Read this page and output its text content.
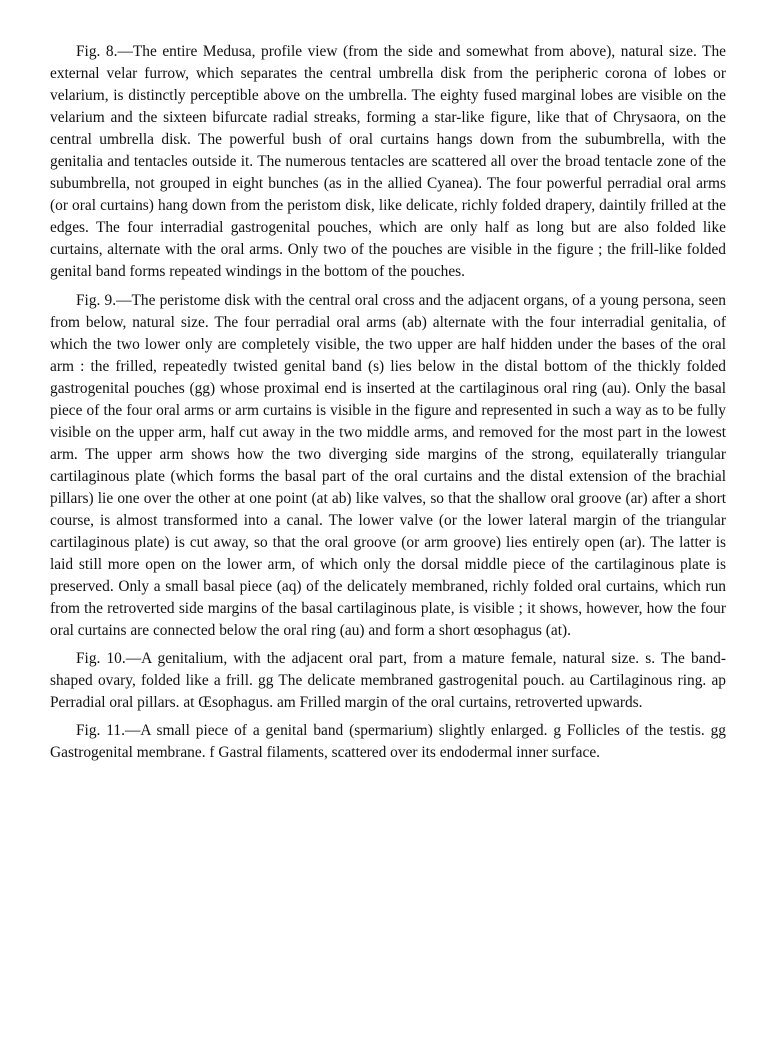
Fig. 8.—The entire Medusa, profile view (from the side and somewhat from above), natural size. The external velar furrow, which separates the central umbrella disk from the peripheric corona of lobes or velarium, is distinctly perceptible above on the umbrella. The eighty fused marginal lobes are visible on the velarium and the sixteen bifurcate radial streaks, forming a star-like figure, like that of Chrysaora, on the central umbrella disk. The powerful bush of oral curtains hangs down from the subumbrella, with the genitalia and tentacles outside it. The numerous tentacles are scattered all over the broad tentacle zone of the subumbrella, not grouped in eight bunches (as in the allied Cyanea). The four powerful perradial oral arms (or oral curtains) hang down from the peristom disk, like delicate, richly folded drapery, daintily frilled at the edges. The four interradial gastrogenital pouches, which are only half as long but are also folded like curtains, alternate with the oral arms. Only two of the pouches are visible in the figure ; the frill-like folded genital band forms repeated windings in the bottom of the pouches.

Fig. 9.—The peristome disk with the central oral cross and the adjacent organs, of a young persona, seen from below, natural size. The four perradial oral arms (ab) alternate with the four interradial genitalia, of which the two lower only are completely visible, the two upper are half hidden under the bases of the oral arm : the frilled, repeatedly twisted genital band (s) lies below in the distal bottom of the thickly folded gastrogenital pouches (gg) whose proximal end is inserted at the cartilaginous oral ring (au). Only the basal piece of the four oral arms or arm curtains is visible in the figure and represented in such a way as to be fully visible on the upper arm, half cut away in the two middle arms, and removed for the most part in the lowest arm. The upper arm shows how the two diverging side margins of the strong, equilaterally triangular cartilaginous plate (which forms the basal part of the oral curtains and the distal extension of the brachial pillars) lie one over the other at one point (at ab) like valves, so that the shallow oral groove (ar) after a short course, is almost transformed into a canal. The lower valve (or the lower lateral margin of the triangular cartilaginous plate) is cut away, so that the oral groove (or arm groove) lies entirely open (ar). The latter is laid still more open on the lower arm, of which only the dorsal middle piece of the cartilaginous plate is preserved. Only a small basal piece (aq) of the delicately membraned, richly folded oral curtains, which run from the retroverted side margins of the basal cartilaginous plate, is visible ; it shows, however, how the four oral curtains are connected below the oral ring (au) and form a short œsophagus (at).

Fig. 10.—A genitalium, with the adjacent oral part, from a mature female, natural size. s. The band-shaped ovary, folded like a frill. gg The delicate membraned gastrogenital pouch. au Cartilaginous ring. ap Perradial oral pillars. at Œsophagus. am Frilled margin of the oral curtains, retroverted upwards.

Fig. 11.—A small piece of a genital band (spermarium) slightly enlarged. g Follicles of the testis. gg Gastrogenital membrane. f Gastral filaments, scattered over its endodermal inner surface.
